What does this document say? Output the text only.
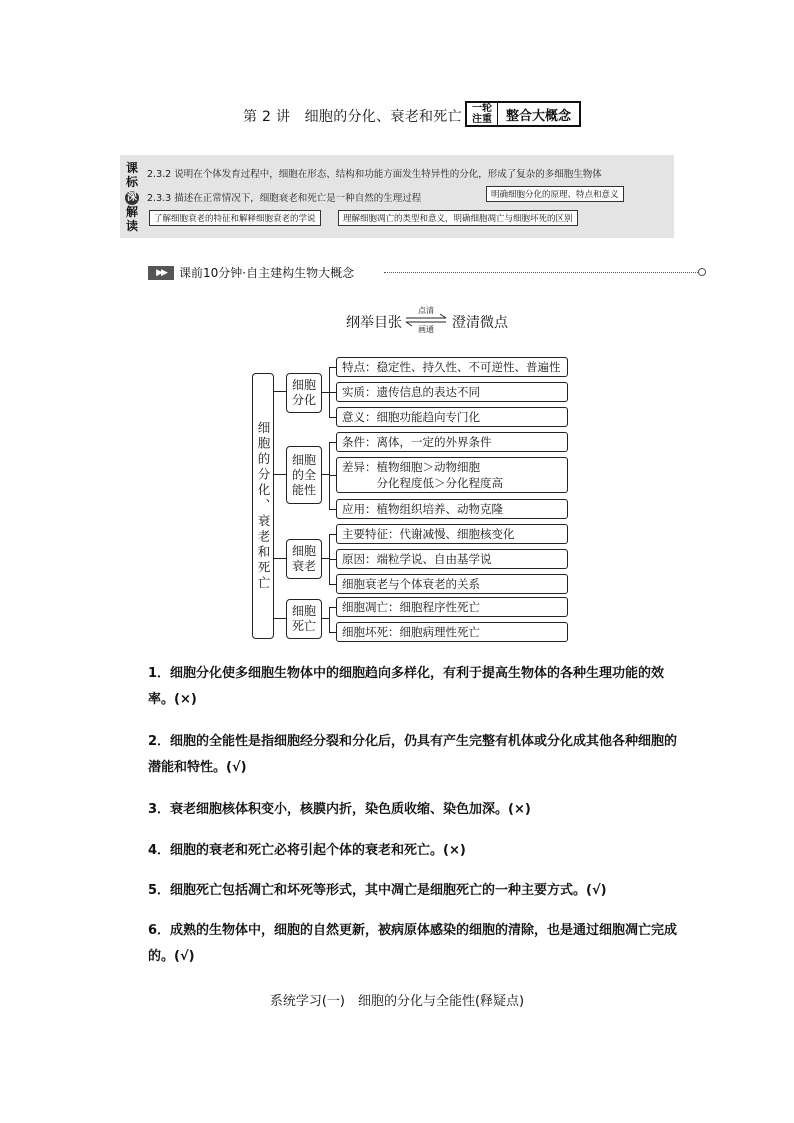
第 2 讲　细胞的分化、衰老和死亡
一轮
注重	整合大概念
课
标
深
解
读
2.3.2 说明在个体发育过程中，细胞在形态、结构和功能方面发生特异性的分化，形成了复杂的多细胞生物体
2.3.3 描述在正常情况下，细胞衰老和死亡是一种自然的生理过程	明确细胞分化的原理、特点和意义
了解细胞衰老的特征和解释细胞衰老的学说	理解细胞凋亡的类型和意义，明确细胞凋亡与细胞坏死的区别
▶▶	课前10分钟·自主建构生物大概念
纲举目张
点清
画通	澄清微点
细胞的分化、衰老和死亡
细胞
分化
特点：稳定性、持久性、不可逆性、普遍性
实质：遗传信息的表达不同
意义：细胞功能趋向专门化
细胞
的全
能性
条件：离体，一定的外界条件
差异：植物细胞＞动物细胞
　　　分化程度低＞分化程度高
应用：植物组织培养、动物克隆
细胞
衰老
主要特征：代谢减慢、细胞核变化
原因：端粒学说、自由基学说
细胞衰老与个体衰老的关系
细胞
死亡
细胞凋亡：细胞程序性死亡
细胞坏死：细胞病理性死亡
1．细胞分化使多细胞生物体中的细胞趋向多样化，有利于提高生物体的各种生理功能的效率。(×)
2．细胞的全能性是指细胞经分裂和分化后，仍具有产生完整有机体或分化成其他各种细胞的潜能和特性。(√)
3．衰老细胞核体积变小，核膜内折，染色质收缩、染色加深。(×)
4．细胞的衰老和死亡必将引起个体的衰老和死亡。(×)
5．细胞死亡包括凋亡和坏死等形式，其中凋亡是细胞死亡的一种主要方式。(√)
6．成熟的生物体中，细胞的自然更新，被病原体感染的细胞的清除，也是通过细胞凋亡完成的。(√)
系统学习(一)　细胞的分化与全能性(释疑点)
